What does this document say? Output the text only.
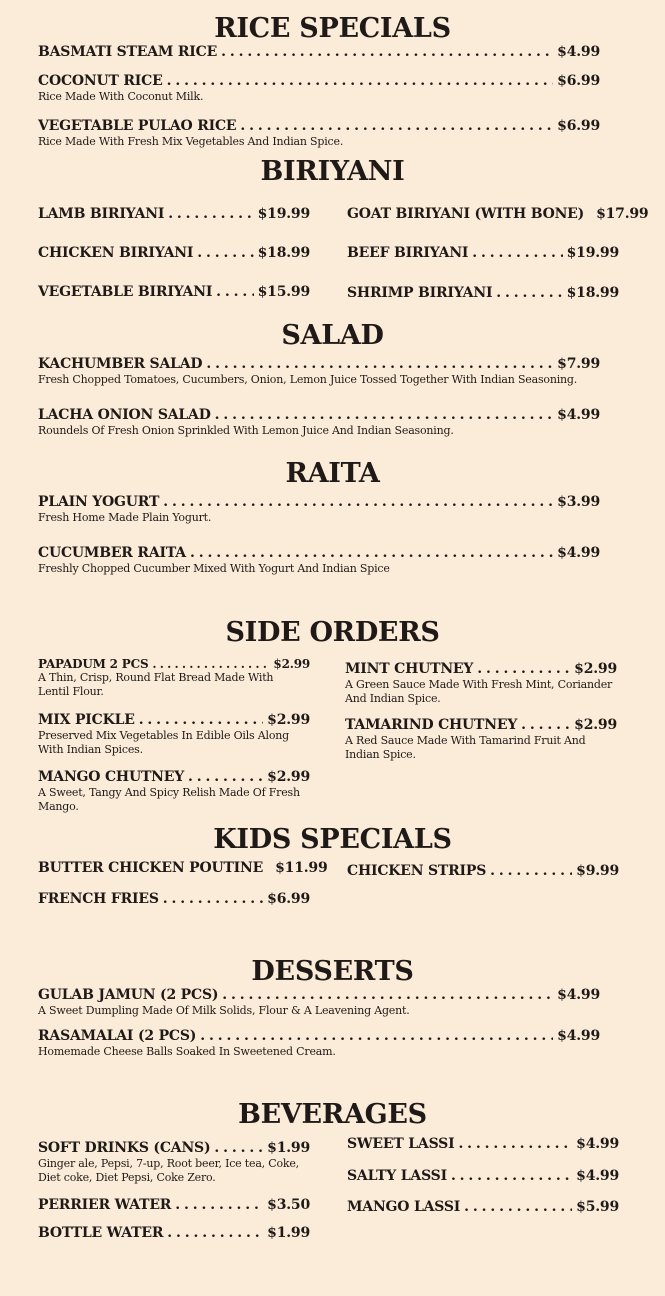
RICE SPECIALS
BASMATI STEAM RICE . . .	$4.99
COCONUT RICE . . .	$6.99
Rice Made With Coconut Milk.
VEGETABLE PULAO RICE . . .	$6.99
Rice Made With Fresh Mix Vegetables And Indian Spice.
BIRIYANI
LAMB BIRIYANI . . .	$19.99	GOAT BIRIYANI (WITH BONE) $17.99
CHICKEN BIRIYANI . . .	$18.99	BEEF BIRIYANI . . .	$19.99
VEGETABLE BIRIYANI . . .	$15.99	SHRIMP BIRIYANI . . .	$18.99
SALAD
KACHUMBER SALAD . . .	$7.99
Fresh Chopped Tomatoes, Cucumbers, Onion, Lemon Juice Tossed Together With Indian Seasoning.
LACHA ONION SALAD . . .	$4.99
Roundels Of Fresh Onion Sprinkled With Lemon Juice And Indian Seasoning.
RAITA
PLAIN YOGURT . . .	$3.99
Fresh Home Made Plain Yogurt.
CUCUMBER RAITA . . .	$4.99
Freshly Chopped Cucumber Mixed With Yogurt And Indian Spice
SIDE ORDERS
PAPADUM 2 PCS . . .	$2.99
A Thin, Crisp, Round Flat Bread Made With Lentil Flour.
MINT CHUTNEY . . .	$2.99
A Green Sauce Made With Fresh Mint, Coriander And Indian Spice.
MIX PICKLE . . .	$2.99
Preserved Mix Vegetables In Edible Oils Along With Indian Spices.
TAMARIND CHUTNEY . . .	$2.99
A Red Sauce Made With Tamarind Fruit And Indian Spice.
MANGO CHUTNEY . . .	$2.99
A Sweet, Tangy And Spicy Relish Made Of Fresh Mango.
KIDS SPECIALS
BUTTER CHICKEN POUTINE $11.99 CHICKEN STRIPS . . .	$9.99
FRENCH FRIES . . .	$6.99
DESSERTS
GULAB JAMUN (2 PCS) . . .	$4.99
A Sweet Dumpling Made Of Milk Solids, Flour & A Leavening Agent.
RASAMALAI (2 PCS) . . .	$4.99
Homemade Cheese Balls Soaked In Sweetened Cream.
BEVERAGES
SOFT DRINKS (CANS) . . .	$1.99
Ginger ale, Pepsi, 7-up, Root beer, Ice tea, Coke, Diet coke, Diet Pepsi, Coke Zero.
SWEET LASSI . . .	$4.99
SALTY LASSI . . .	$4.99
PERRIER WATER . . .	$3.50	MANGO LASSI . . .	$5.99
BOTTLE WATER . . .	$1.99
